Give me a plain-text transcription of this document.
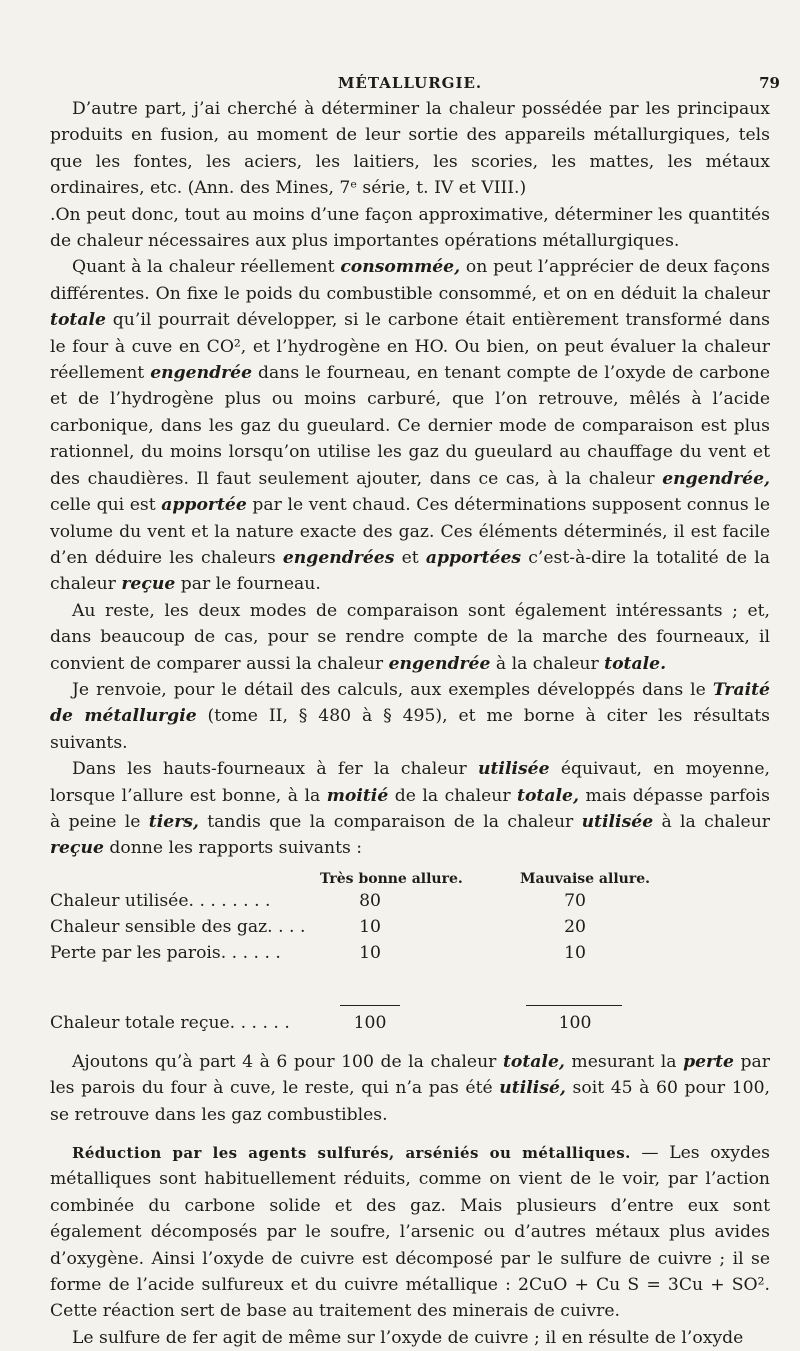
MÉTALLURGIE.	79

D’autre part, j’ai cherché à déterminer la chaleur possédée par les principaux produits en fusion, au moment de leur sortie des appareils métallurgiques, tels que les fontes, les aciers, les laitiers, les scories, les mattes, les métaux ordinaires, etc. (Ann. des Mines, 7ᵉ série, t. IV et VIII.)

.On peut donc, tout au moins d’une façon approximative, déterminer les quantités de chaleur nécessaires aux plus importantes opérations métallurgiques.

Quant à la chaleur réellement consommée, on peut l’apprécier de deux façons différentes. On fixe le poids du combustible consommé, et on en déduit la chaleur totale qu’il pourrait développer, si le carbone était entièrement transformé dans le four à cuve en CO², et l’hydrogène en HO. Ou bien, on peut évaluer la chaleur réellement engendrée dans le fourneau, en tenant compte de l’oxyde de carbone et de l’hydrogène plus ou moins carburé, que l’on retrouve, mêlés à l’acide carbonique, dans les gaz du gueulard. Ce dernier mode de comparaison est plus rationnel, du moins lorsqu’on utilise les gaz du gueulard au chauffage du vent et des chaudières. Il faut seulement ajouter, dans ce cas, à la chaleur engendrée, celle qui est apportée par le vent chaud. Ces déterminations supposent connus le volume du vent et la nature exacte des gaz. Ces éléments déterminés, il est facile d’en déduire les chaleurs engendrées et apportées c’est-à-dire la totalité de la chaleur reçue par le fourneau.

Au reste, les deux modes de comparaison sont également intéressants ; et, dans beaucoup de cas, pour se rendre compte de la marche des fourneaux, il convient de comparer aussi la chaleur engendrée à la chaleur totale.

Je renvoie, pour le détail des calculs, aux exemples développés dans le Traité de métallurgie (tome II, § 480 à § 495), et me borne à citer les résultats suivants.

Dans les hauts-fourneaux à fer la chaleur utilisée équivaut, en moyenne, lorsque l’allure est bonne, à la moitié de la chaleur totale, mais dépasse parfois à peine le tiers, tandis que la comparaison de la chaleur utilisée à la chaleur reçue donne les rapports suivants :

Très bonne allure.	Mauvaise allure.
Chaleur utilisée. . . . . . . .	80	70
Chaleur sensible des gaz. . . .	10	20
Perte par les parois. . . . . .	10	10
Chaleur totale reçue. . . . . .	100	100

Ajoutons qu’à part 4 à 6 pour 100 de la chaleur totale, mesurant la perte par les parois du four à cuve, le reste, qui n’a pas été utilisé, soit 45 à 60 pour 100, se retrouve dans les gaz combustibles.

Réduction par les agents sulfurés, arséniés ou métalliques. — Les oxydes métalliques sont habituellement réduits, comme on vient de le voir, par l’action combinée du carbone solide et des gaz. Mais plusieurs d’entre eux sont également décomposés par le soufre, l’arsenic ou d’autres métaux plus avides d’oxygène. Ainsi l’oxyde de cuivre est décomposé par le sulfure de cuivre ; il se forme de l’acide sulfureux et du cuivre métallique : 2CuO + Cu S = 3Cu + SO². Cette réaction sert de base au traitement des minerais de cuivre.

Le sulfure de fer agit de même sur l’oxyde de cuivre ; il en résulte de l’oxyde
